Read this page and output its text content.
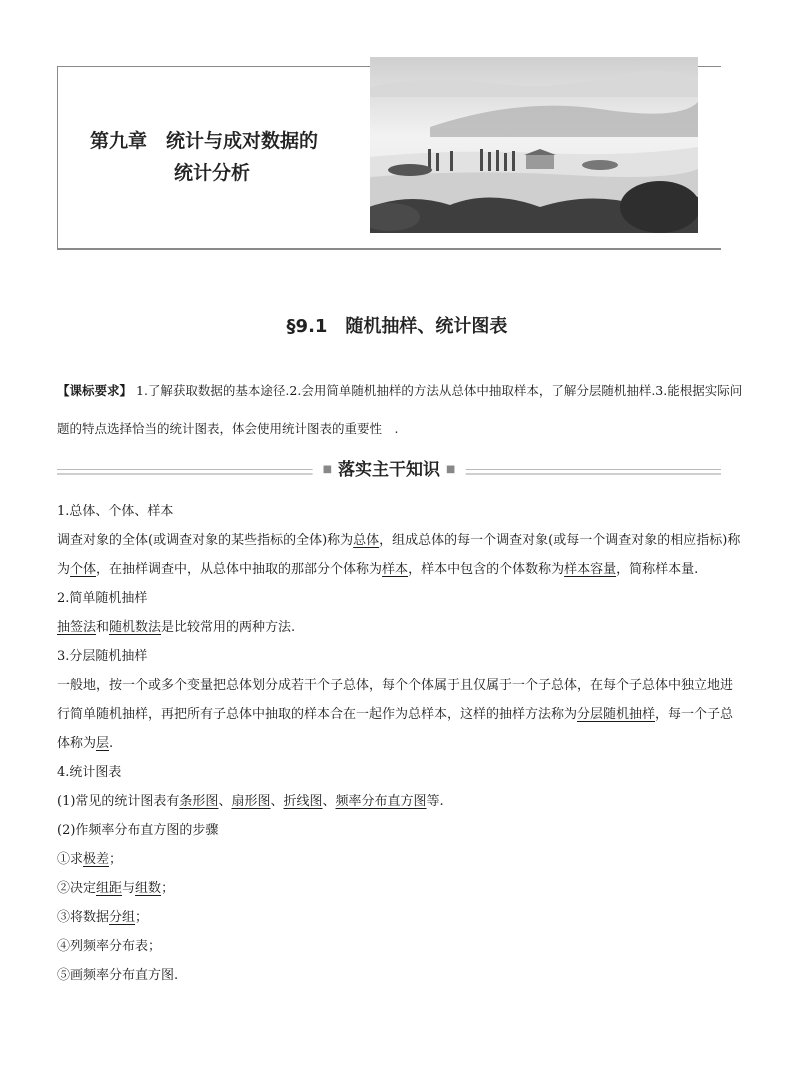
第九章　统计与成对数据的
统计分析
§9.1　随机抽样、统计图表
【课标要求】 1.了解获取数据的基本途径.2.会用简单随机抽样的方法从总体中抽取样本，了解分层随机抽样.3.能根据实际问题的特点选择恰当的统计图表，体会使用统计图表的重要性　.
■ 落实主干知识 ■

1.总体、个体、样本

调查对象的全体(或调查对象的某些指标的全体)称为总体，组成总体的每一个调查对象(或每一个调查对象的相应指标)称为个体，在抽样调查中，从总体中抽取的那部分个体称为样本，样本中包含的个体数称为样本容量，简称样本量.

2.简单随机抽样

抽签法和随机数法是比较常用的两种方法.

3.分层随机抽样

一般地，按一个或多个变量把总体划分成若干个子总体，每个个体属于且仅属于一个子总体，在每个子总体中独立地进行简单随机抽样，再把所有子总体中抽取的样本合在一起作为总样本，这样的抽样方法称为分层随机抽样，每一个子总体称为层.

4.统计图表

(1)常见的统计图表有条形图、扇形图、折线图、频率分布直方图等.

(2)作频率分布直方图的步骤

①求极差；

②决定组距与组数；

③将数据分组；

④列频率分布表；

⑤画频率分布直方图.
